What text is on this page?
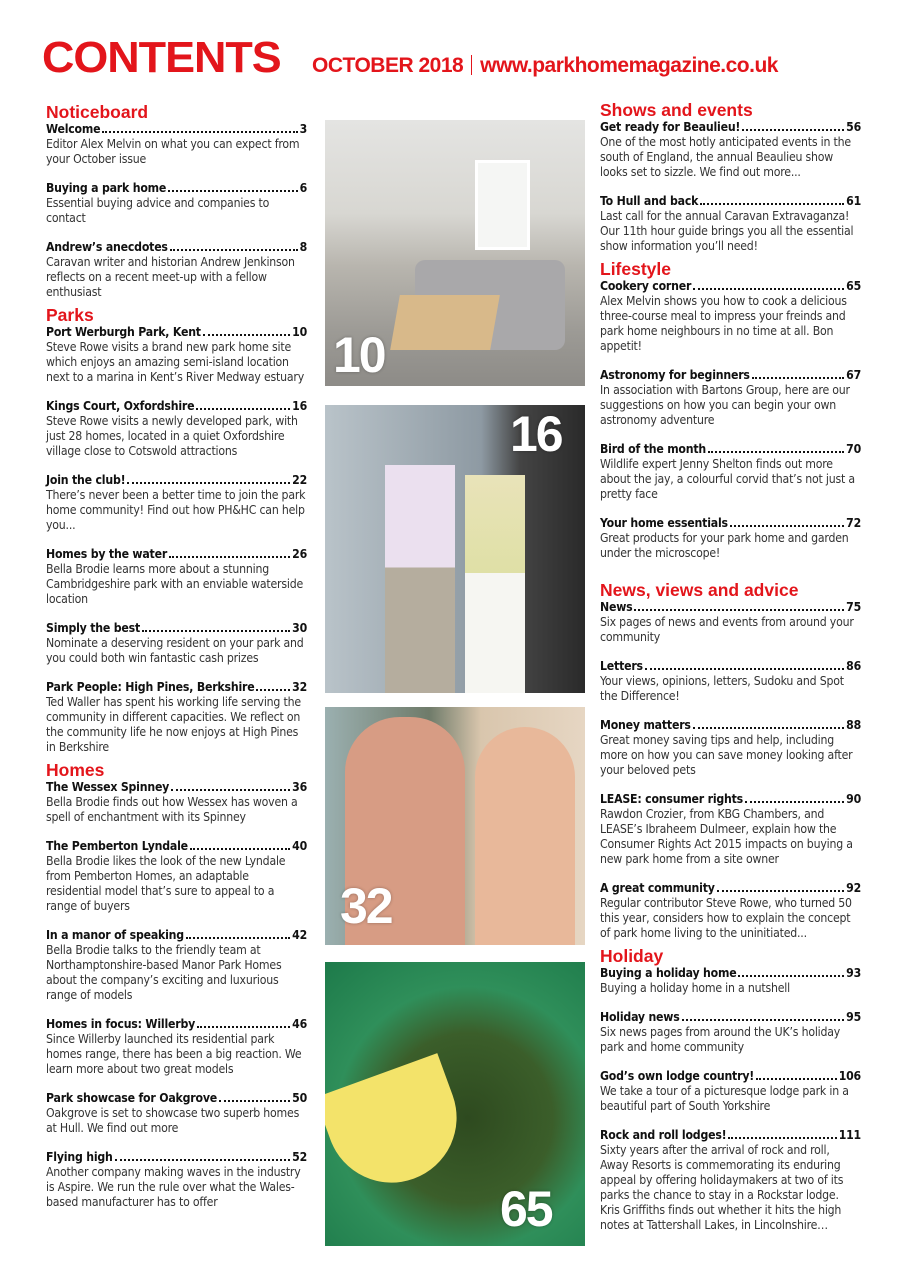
CONTENTS OCTOBER 2018 www.parkhomemagazine.co.uk
Noticeboard
Welcome	3
Editor Alex Melvin on what you can expect from your October issue
Buying a park home	6
Essential buying advice and companies to contact
Andrew’s anecdotes	8
Caravan writer and historian Andrew Jenkinson reflects on a recent meet-up with a fellow enthusiast
Parks
Port Werburgh Park, Kent	10
Steve Rowe visits a brand new park home site which enjoys an amazing semi-island location next to a marina in Kent’s River Medway estuary
Kings Court, Oxfordshire	16
Steve Rowe visits a newly developed park, with just 28 homes, located in a quiet Oxfordshire village close to Cotswold attractions
Join the club!	22
There’s never been a better time to join the park home community! Find out how PH&HC can help you...
Homes by the water	26
Bella Brodie learns more about a stunning Cambridgeshire park with an enviable waterside location
Simply the best	30
Nominate a deserving resident on your park and you could both win fantastic cash prizes
Park People: High Pines, Berkshire	32
Ted Waller has spent his working life serving the community in different capacities. We reflect on the community life he now enjoys at High Pines in Berkshire
Homes
The Wessex Spinney	36
Bella Brodie finds out how Wessex has woven a spell of enchantment with its Spinney
The Pemberton Lyndale	40
Bella Brodie likes the look of the new Lyndale from Pemberton Homes, an adaptable residential model that’s sure to appeal to a range of buyers
In a manor of speaking	42
Bella Brodie talks to the friendly team at Northamptonshire-based Manor Park Homes about the company’s exciting and luxurious range of models
Homes in focus: Willerby	46
Since Willerby launched its residential park homes range, there has been a big reaction. We learn more about two great models
Park showcase for Oakgrove	50
Oakgrove is set to showcase two superb homes at Hull. We find out more
Flying high	52
Another company making waves in the industry is Aspire. We run the rule over what the Wales-based manufacturer has to offer
Shows and events
Get ready for Beaulieu!	56
One of the most hotly anticipated events in the south of England, the annual Beaulieu show looks set to sizzle. We find out more...
To Hull and back	61
Last call for the annual Caravan Extravaganza! Our 11th hour guide brings you all the essential show information you’ll need!
Lifestyle
Cookery corner	65
Alex Melvin shows you how to cook a delicious three-course meal to impress your freinds and park home neighbours in no time at all. Bon appetit!
Astronomy for beginners	67
In association with Bartons Group, here are our suggestions on how you can begin your own astronomy adventure
Bird of the month	70
Wildlife expert Jenny Shelton finds out more about the jay, a colourful corvid that’s not just a pretty face
Your home essentials	72
Great products for your park home and garden under the microscope!
News, views and advice
News	75
Six pages of news and events from around your community
Letters	86
Your views, opinions, letters, Sudoku and Spot the Difference!
Money matters	88
Great money saving tips and help, including more on how you can save money looking after your beloved pets
LEASE: consumer rights	90
Rawdon Crozier, from KBG Chambers, and LEASE’s Ibraheem Dulmeer, explain how the Consumer Rights Act 2015 impacts on buying a new park home from a site owner
A great community	92
Regular contributor Steve Rowe, who turned 50 this year, considers how to explain the concept of park home living to the uninitiated...
Holiday
Buying a holiday home	93
Buying a holiday home in a nutshell
Holiday news	95
Six news pages from around the UK’s holiday park and home community
God’s own lodge country!	106
We take a tour of a picturesque lodge park in a beautiful part of South Yorkshire
Rock and roll lodges!	111
Sixty years after the arrival of rock and roll, Away Resorts is commemorating its enduring appeal by offering holidaymakers at two of its parks the chance to stay in a Rockstar lodge. Kris Griffiths finds out whether it hits the high notes at Tattershall Lakes, in Lincolnshire…
10
16
32
65
